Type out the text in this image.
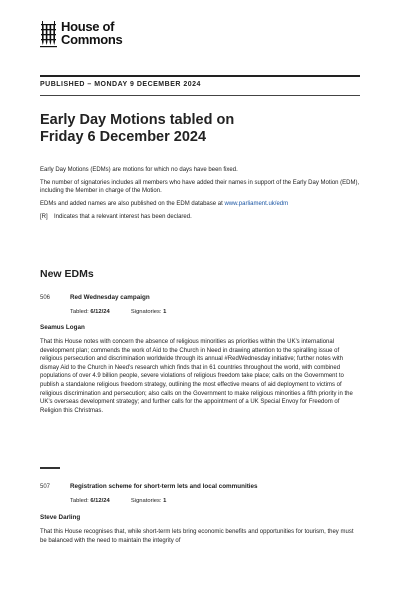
House of
Commons
PUBLISHED – MONDAY 9 DECEMBER 2024
Early Day Motions tabled on
Friday 6 December 2024

Early Day Motions (EDMs) are motions for which no days have been fixed.

The number of signatories includes all members who have added their names in support of the Early Day Motion (EDM), including the Member in charge of the Motion.

EDMs and added names are also published on the EDM database at www.parliament.uk/edm

[R] Indicates that a relevant interest has been declared.

New EDMs
506	Red Wednesday campaign
Tabled: 6/12/24	Signatories: 1
Seamus Logan
That this House notes with concern the absence of religious minorities as priorities within the UK’s international development plan; commends the work of Aid to the Church in Need in drawing attention to the spiralling issue of religious persecution and discrimination worldwide through its annual #RedWednesday initiative; further notes with dismay Aid to the Church in Need’s research which finds that in 61 countries throughout the world, with combined populations of over 4.9 billion people, severe violations of religious freedom take place; calls on the Government to publish a standalone religious freedom strategy, outlining the most effective means of aid deployment to victims of religious discrimination and persecution; also calls on the Government to make religious minorities a fifth priority in the UK’s overseas development strategy; and further calls for the appointment of a UK Special Envoy for Freedom of Religion this Christmas.
507	Registration scheme for short-term lets and local communities
Tabled: 6/12/24	Signatories: 1
Steve Darling
That this House recognises that, while short-term lets bring economic benefits and opportunities for tourism, they must be balanced with the need to maintain the integrity of
